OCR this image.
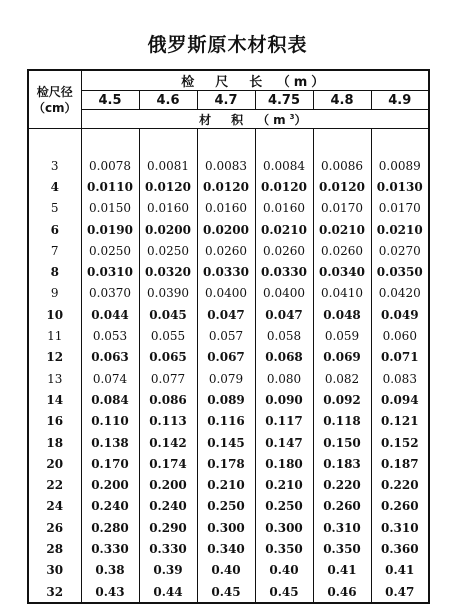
俄罗斯原木材积表
检尺径
（cm）	检　尺　长　（m）					
	4.5	4.6	4.7	4.75	4.8	4.9
	材　积　$(m^3)$					

3	0.0078	0.0081	0.0083	0.0084	0.0086	0.0089
4	0.0110	0.0120	0.0120	0.0120	0.0120	0.0130
5	0.0150	0.0160	0.0160	0.0160	0.0170	0.0170
6	0.0190	0.0200	0.0200	0.0210	0.0210	0.0210
7	0.0250	0.0250	0.0260	0.0260	0.0260	0.0270
8	0.0310	0.0320	0.0330	0.0330	0.0340	0.0350
9	0.0370	0.0390	0.0400	0.0400	0.0410	0.0420
10	0.044	0.045	0.047	0.047	0.048	0.049
11	0.053	0.055	0.057	0.058	0.059	0.060
12	0.063	0.065	0.067	0.068	0.069	0.071
13	0.074	0.077	0.079	0.080	0.082	0.083
14	0.084	0.086	0.089	0.090	0.092	0.094
16	0.110	0.113	0.116	0.117	0.118	0.121
18	0.138	0.142	0.145	0.147	0.150	0.152
20	0.170	0.174	0.178	0.180	0.183	0.187
22	0.200	0.200	0.210	0.210	0.220	0.220
24	0.240	0.240	0.250	0.250	0.260	0.260
26	0.280	0.290	0.300	0.300	0.310	0.310
28	0.330	0.330	0.340	0.350	0.350	0.360
30	0.38	0.39	0.40	0.40	0.41	0.41
32	0.43	0.44	0.45	0.45	0.46	0.47
